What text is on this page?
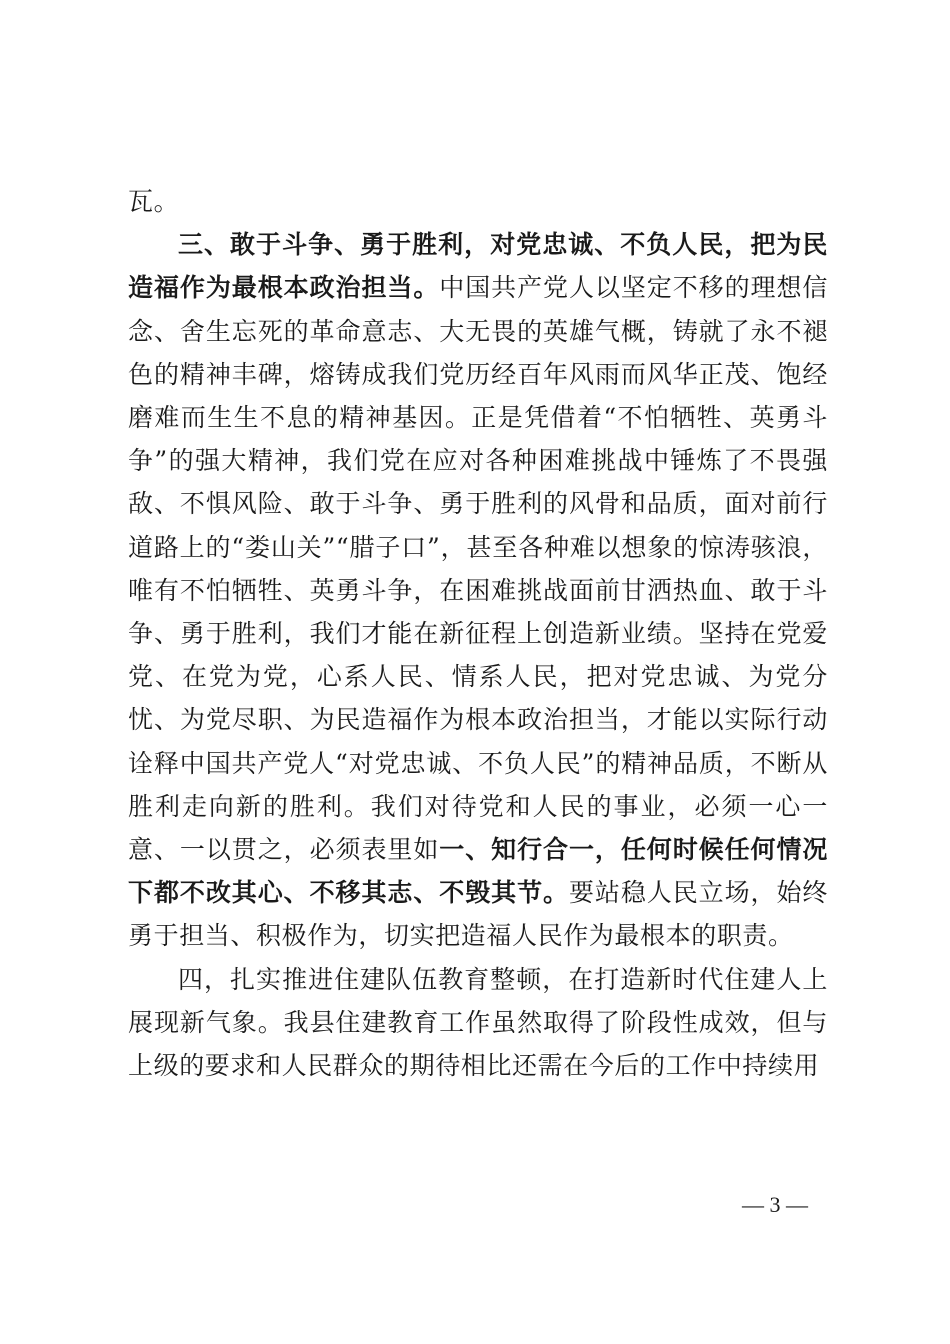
瓦。

三、敢于斗争、勇于胜利，对党忠诚、不负人民，把为民造福作为最根本政治担当。中国共产党人以坚定不移的理想信念、舍生忘死的革命意志、大无畏的英雄气概，铸就了永不褪色的精神丰碑，熔铸成我们党历经百年风雨而风华正茂、饱经磨难而生生不息的精神基因。正是凭借着“不怕牺牲、英勇斗争”的强大精神，我们党在应对各种困难挑战中锤炼了不畏强敌、不惧风险、敢于斗争、勇于胜利的风骨和品质，面对前行道路上的“娄山关”“腊子口”，甚至各种难以想象的惊涛骇浪，唯有不怕牺牲、英勇斗争，在困难挑战面前甘洒热血、敢于斗争、勇于胜利，我们才能在新征程上创造新业绩。坚持在党爱党、在党为党，心系人民、情系人民，把对党忠诚、为党分忧、为党尽职、为民造福作为根本政治担当，才能以实际行动诠释中国共产党人“对党忠诚、不负人民”的精神品质，不断从胜利走向新的胜利。我们对待党和人民的事业，必须一心一意、一以贯之，必须表里如一、知行合一，任何时候任何情况下都不改其心、不移其志、不毁其节。要站稳人民立场，始终勇于担当、积极作为，切实把造福人民作为最根本的职责。

四，扎实推进住建队伍教育整顿，在打造新时代住建人上展现新气象。我县住建教育工作虽然取得了阶段性成效，但与上级的要求和人民群众的期待相比还需在今后的工作中持续用

— 3 —
